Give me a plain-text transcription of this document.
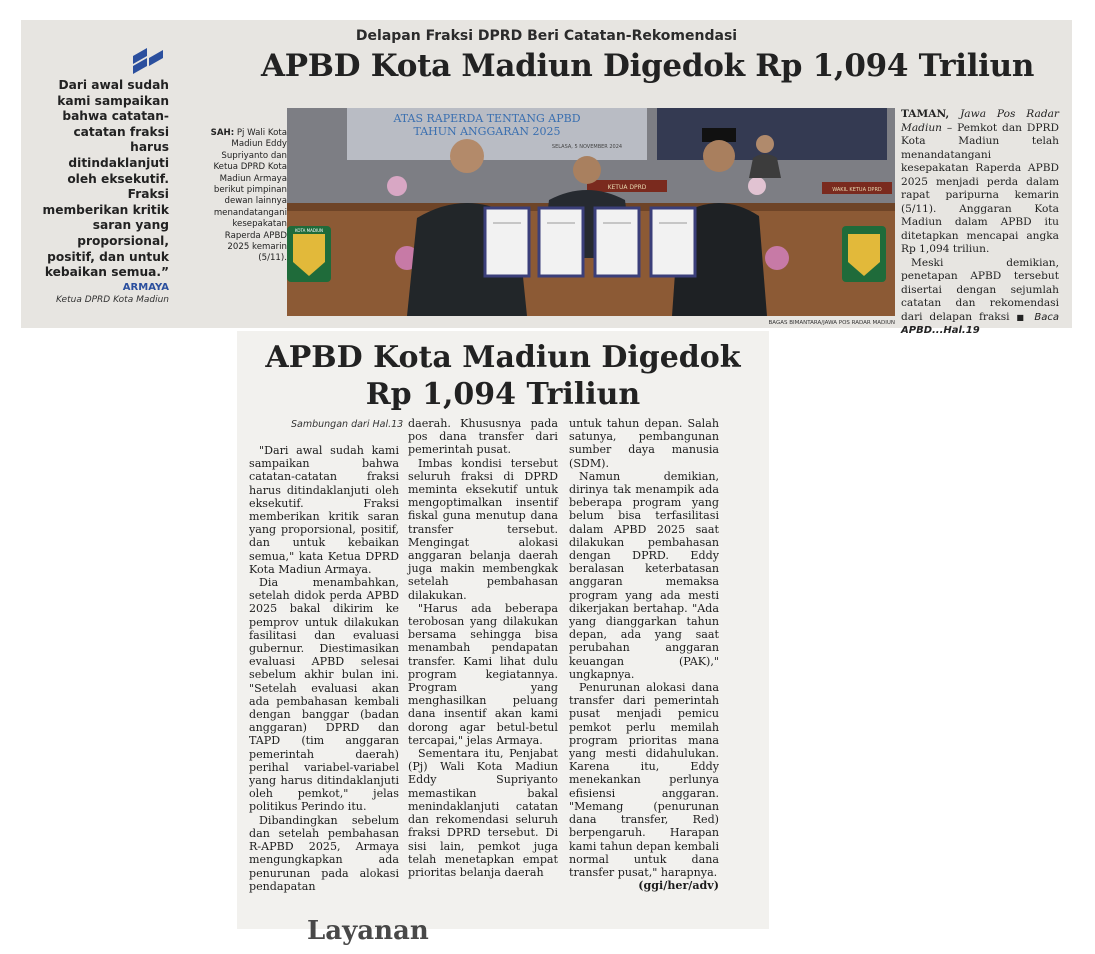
Delapan Fraksi DPRD Beri Catatan-Rekomendasi
APBD Kota Madiun Digedok Rp 1,094 Triliun
Dari awal sudah kami sampaikan bahwa catatan-catatan fraksi harus ditindaklanjuti oleh eksekutif. Fraksi memberikan kritik saran yang proporsional, positif, dan untuk kebaikan semua.”
ARMAYA
Ketua DPRD Kota Madiun
SAH: Pj Wali Kota Madiun Eddy Supriyanto dan Ketua DPRD Kota Madiun Armaya berikut pimpinan dewan lainnya menandatangani kesepakatan Raperda APBD 2025 kemarin (5/11).
ATAS RAPERDA TENTANG APBD
TAHUN ANGGARAN 2025
SELASA, 5 NOVEMBER 2024
KETUA DPRD	WAKIL KETUA DPRD
KOTA MADIUN
BAGAS BIMANTARA/JAWA POS RADAR MADIUN

TAMAN, Jawa Pos Radar Madiun – Pemkot dan DPRD Kota Madiun telah menandatangani kesepakatan Raperda APBD 2025 menjadi perda dalam rapat paripurna kemarin (5/11). Anggaran Kota Madiun dalam APBD itu ditetapkan mencapai angka Rp 1,094 triliun.

Meski demikian, penetapan APBD tersebut disertai dengan sejumlah catatan dan rekomendasi dari delapan fraksi ■ Baca APBD...Hal.19

APBD Kota Madiun Digedok
Rp 1,094 Triliun
Sambungan dari Hal.13

"Dari awal sudah kami sampaikan bahwa catatan-catatan fraksi harus ditindaklanjuti oleh eksekutif. Fraksi memberikan kritik saran yang proporsional, positif, dan untuk kebaikan semua," kata Ketua DPRD Kota Madiun Armaya.

Dia menambahkan, setelah didok perda APBD 2025 bakal dikirim ke pemprov untuk dilakukan fasilitasi dan evaluasi gubernur. Diestimasikan evaluasi APBD selesai sebelum akhir bulan ini. "Setelah evaluasi akan ada pembahasan kembali dengan banggar (badan anggaran) DPRD dan TAPD (tim anggaran pemerintah daerah) perihal variabel-variabel yang harus ditindaklanjuti oleh pemkot," jelas politikus Perindo itu.

Dibandingkan sebelum dan setelah pembahasan R-APBD 2025, Armaya mengungkapkan ada penurunan pada alokasi pendapatan

daerah. Khususnya pada pos dana transfer dari pemerintah pusat.

Imbas kondisi tersebut seluruh fraksi di DPRD meminta eksekutif untuk mengoptimalkan insentif fiskal guna menutup dana transfer tersebut. Mengingat alokasi anggaran belanja daerah juga makin membengkak setelah pembahasan dilakukan.

"Harus ada beberapa terobosan yang dilakukan bersama sehingga bisa menambah pendapatan transfer. Kami lihat dulu program kegiatannya. Program yang menghasilkan peluang dana insentif akan kami dorong agar betul-betul tercapai," jelas Armaya.

Sementara itu, Penjabat (Pj) Wali Kota Madiun Eddy Supriyanto memastikan bakal menindaklanjuti catatan dan rekomendasi seluruh fraksi DPRD tersebut. Di sisi lain, pemkot juga telah menetapkan empat prioritas belanja daerah

untuk tahun depan. Salah satunya, pembangunan sumber daya manusia (SDM).

Namun demikian, dirinya tak menampik ada beberapa program yang belum bisa terfasilitasi dalam APBD 2025 saat dilakukan pembahasan dengan DPRD. Eddy beralasan keterbatasan anggaran memaksa program yang ada mesti dikerjakan bertahap. "Ada yang dianggarkan tahun depan, ada yang saat perubahan anggaran keuangan (PAK)," ungkapnya.

Penurunan alokasi dana transfer dari pemerintah pusat menjadi pemicu pemkot perlu memilah program prioritas mana yang mesti didahulukan. Karena itu, Eddy menekankan perlunya efisiensi anggaran. "Memang (penurunan dana transfer, Red) berpengaruh. Harapan kami tahun depan kembali normal untuk dana transfer pusat," harapnya.

(ggi/her/adv)

Layanan
